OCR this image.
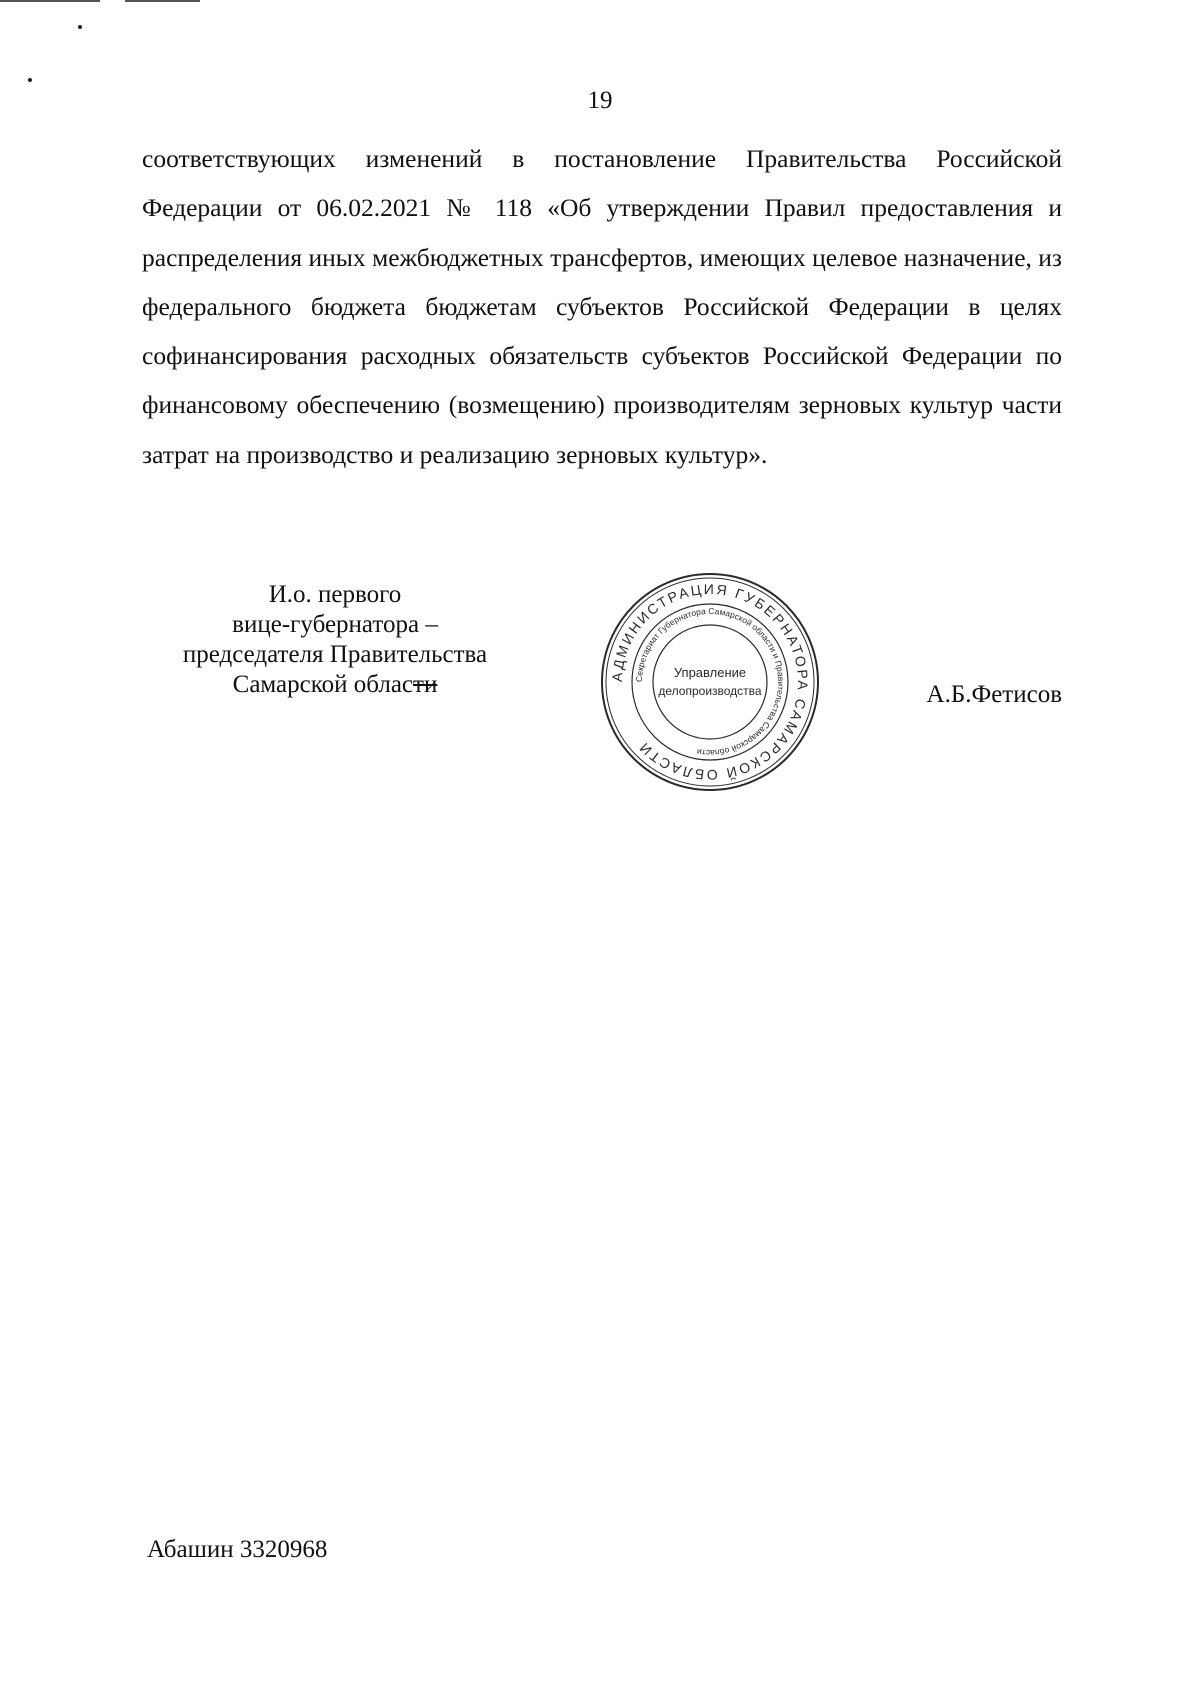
19

соответствующих изменений в постановление Правительства Российской Федерации от 06.02.2021 № 118 «Об утверждении Правил предоставления и распределения иных межбюджетных трансфертов, имеющих целевое назначение, из федерального бюджета бюджетам субъектов Российской Федерации в целях софинансирования расходных обязательств субъектов Российской Федерации по финансовому обеспечению (возмещению) производителям зерновых культур части затрат на производство и реализацию зерновых культур».

И.о. первого
вице-губернатора –
председателя Правительства
Самарской области	АДМИНИСТРАЦИЯ ГУБЕРНАТОРА САМАРСКОЙ ОБЛАСТИ
Секретариат Губернатора Самарской области и Правительства Самарской области
Управление
делопроизводства	А.Б.Фетисов
Абашин 3320968
